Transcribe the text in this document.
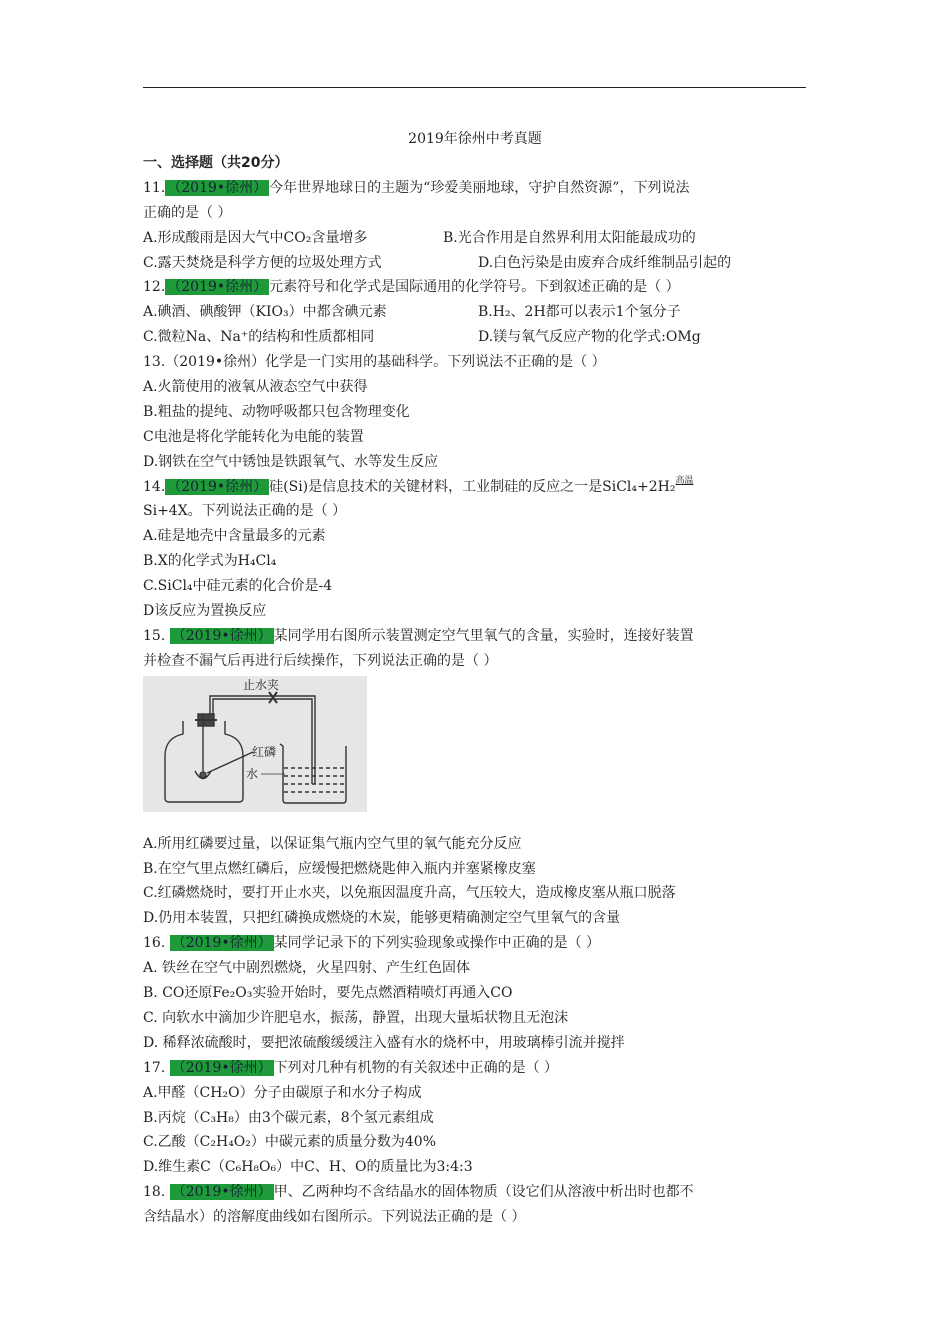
2019年徐州中考真题
一、选择题（共20分）
11. （2019•徐州） 今年世界地球日的主题为“珍爱美丽地球，守护自然资源”，下列说法
正确的是（ ）
A.形成酸雨是因大气中CO₂含量增多	B.光合作用是自然界利用太阳能最成功的
C.露天焚烧是科学方便的垃圾处理方式	D.白色污染是由废弃合成纤维制品引起的
12. （2019•徐州） 元素符号和化学式是国际通用的化学符号。下到叙述正确的是（ ）
A.碘酒、碘酸钾（KIO₃）中都含碘元素	B.H₂、2H都可以表示1个氢分子
C.微粒Na、Na⁺的结构和性质都相同	D.镁与氧气反应产物的化学式:OMg
13.（2019•徐州）化学是一门实用的基础科学。下列说法不正确的是（ ）
A.火箭使用的液氧从液态空气中获得
B.粗盐的提纯、动物呼吸都只包含物理变化
C电池是将化学能转化为电能的装置
D.钢铁在空气中锈蚀是铁跟氧气、水等发生反应
14. （2019•徐州） 硅(Si)是信息技术的关键材料，工业制硅的反应之一是SiCl₄+2H₂$^{高温}$
Si+4X。下列说法正确的是（ ）
A.硅是地壳中含量最多的元素
B.X的化学式为H₄Cl₄
C.SiCl₄中硅元素的化合价是-4
D该反应为置换反应
15. （2019•徐州） 某同学用右图所示装置测定空气里氧气的含量，实验时，连接好装置
并检查不漏气后再进行后续操作，下列说法正确的是（ ）
止水夹
红磷
水
A.所用红磷要过量，以保证集气瓶内空气里的氧气能充分反应
B.在空气里点燃红磷后，应缓慢把燃烧匙伸入瓶内并塞紧橡皮塞
C.红磷燃烧时，要打开止水夹，以免瓶因温度升高，气压较大，造成橡皮塞从瓶口脱落
D.仍用本装置，只把红磷换成燃烧的木炭，能够更精确测定空气里氧气的含量
16. （2019•徐州） 某同学记录下的下列实验现象或操作中正确的是（ ）
A. 铁丝在空气中剧烈燃烧，火星四射、产生红色固体
B. CO还原Fe₂O₃实验开始时，要先点燃酒精喷灯再通入CO
C. 向软水中滴加少许肥皂水，振荡，静置，出现大量垢状物且无泡沫
D. 稀释浓硫酸时，要把浓硫酸缓缓注入盛有水的烧杯中，用玻璃棒引流并搅拌
17. （2019•徐州） 下列对几种有机物的有关叙述中正确的是（ ）
A.甲醛（CH₂O）分子由碳原子和水分子构成
B.丙烷（C₃H₈）由3个碳元素，8个氢元素组成
C.乙酸（C₂H₄O₂）中碳元素的质量分数为40%
D.维生素C（C₆H₈O₆）中C、H、O的质量比为3:4:3
18. （2019•徐州） 甲、乙两种均不含结晶水的固体物质（设它们从溶液中析出时也都不
含结晶水）的溶解度曲线如右图所示。下列说法正确的是（ ）
